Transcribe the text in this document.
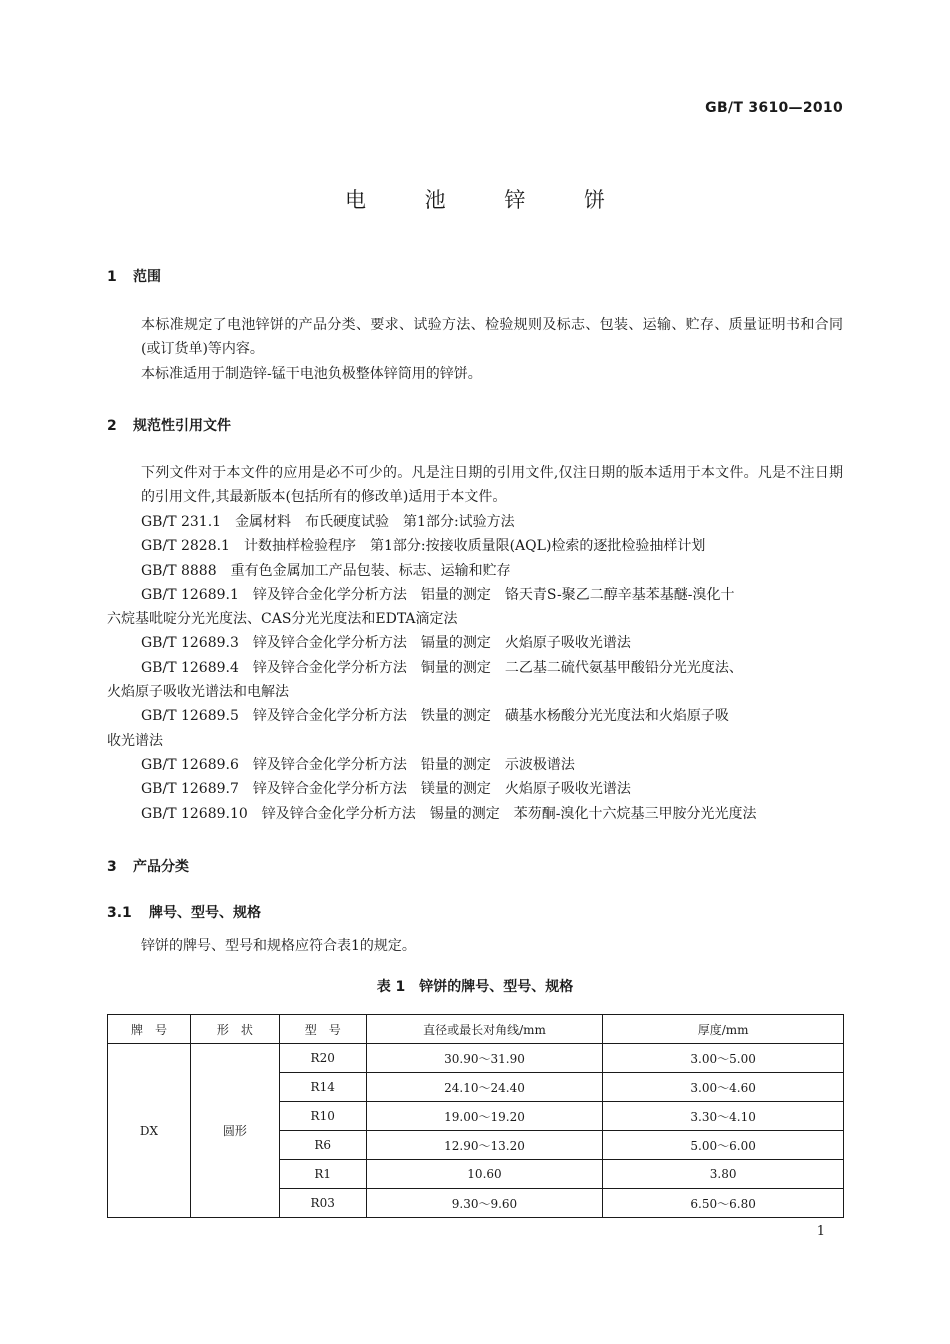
GB/T 3610—2010
电 池 锌 饼
1 范围
本标准规定了电池锌饼的产品分类、要求、试验方法、检验规则及标志、包装、运输、贮存、质量证明书和合同(或订货单)等内容。
本标准适用于制造锌-锰干电池负极整体锌筒用的锌饼。
2 规范性引用文件
下列文件对于本文件的应用是必不可少的。凡是注日期的引用文件,仅注日期的版本适用于本文件。凡是不注日期的引用文件,其最新版本(包括所有的修改单)适用于本文件。
GB/T 231.1 金属材料　布氏硬度试验　第1部分:试验方法
GB/T 2828.1 计数抽样检验程序　第1部分:按接收质量限(AQL)检索的逐批检验抽样计划
GB/T 8888 重有色金属加工产品包装、标志、运输和贮存
GB/T 12689.1 锌及锌合金化学分析方法　铝量的测定　铬天青S-聚乙二醇辛基苯基醚-溴化十
六烷基吡啶分光光度法、CAS分光光度法和EDTA滴定法
GB/T 12689.3 锌及锌合金化学分析方法　镉量的测定　火焰原子吸收光谱法
GB/T 12689.4 锌及锌合金化学分析方法　铜量的测定　二乙基二硫代氨基甲酸铅分光光度法、
火焰原子吸收光谱法和电解法
GB/T 12689.5 锌及锌合金化学分析方法　铁量的测定　磺基水杨酸分光光度法和火焰原子吸
收光谱法
GB/T 12689.6 锌及锌合金化学分析方法　铅量的测定　示波极谱法
GB/T 12689.7 锌及锌合金化学分析方法　镁量的测定　火焰原子吸收光谱法
GB/T 12689.10 锌及锌合金化学分析方法　锡量的测定　苯芴酮-溴化十六烷基三甲胺分光光度法
3 产品分类
3.1 牌号、型号、规格
锌饼的牌号、型号和规格应符合表1的规定。
表 1　锌饼的牌号、型号、规格
牌　号	形　状	型　号	直径或最长对角线/mm	厚度/mm
DX	圆形	R20	30.90～31.90	3.00～5.00
		R14	24.10～24.40	3.00～4.60
		R10	19.00～19.20	3.30～4.10
		R6	12.90～13.20	5.00～6.00
		R1	10.60	3.80
		R03	9.30～9.60	6.50～6.80
1
